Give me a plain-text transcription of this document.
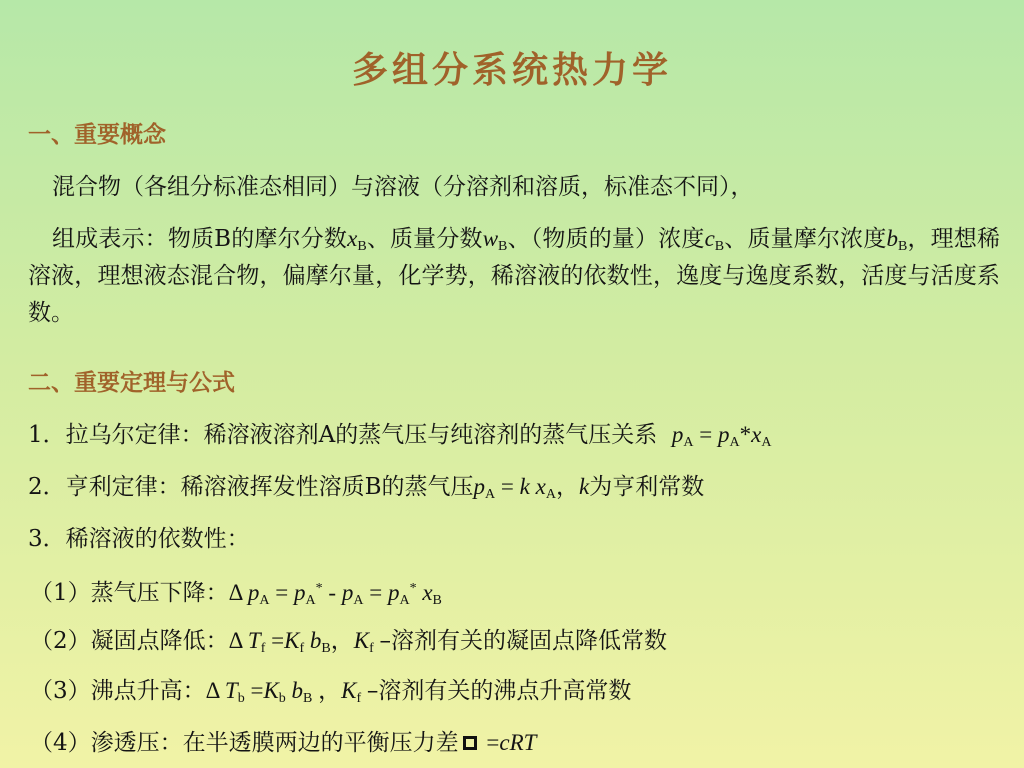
多组分系统热力学
一、重要概念
混合物（各组分标准态相同）与溶液（分溶剂和溶质，标准态不同），
组成表示：物质B的摩尔分数$x_B$、质量分数$w_B$、（物质的量）浓度$c_B$、质量摩尔浓度$b_B$，理想稀溶液，理想液态混合物，偏摩尔量，化学势，稀溶液的依数性，逸度与逸度系数，活度与活度系数。
二、重要定理与公式
1．拉乌尔定律：稀溶液溶剂A的蒸气压与纯溶剂的蒸气压关系 $p_A = p_A*x_A$
2．亨利定律：稀溶液挥发性溶质B的蒸气压$p_A = k$ $x_A$，k为亨利常数
3．稀溶液的依数性：
（1）蒸气压下降：Δ $p_A = p_A^* - p_A = p_A^*$ $x_B$
（2）凝固点降低：Δ $T_f =K_f$ $b_B$，$K_f$ –溶剂有关的凝固点降低常数
（3）沸点升高：Δ $T_b =K_b$ $b_B$ ，$K_f$ –溶剂有关的沸点升高常数
（4）渗透压：在半透膜两边的平衡压力差 =cRT
